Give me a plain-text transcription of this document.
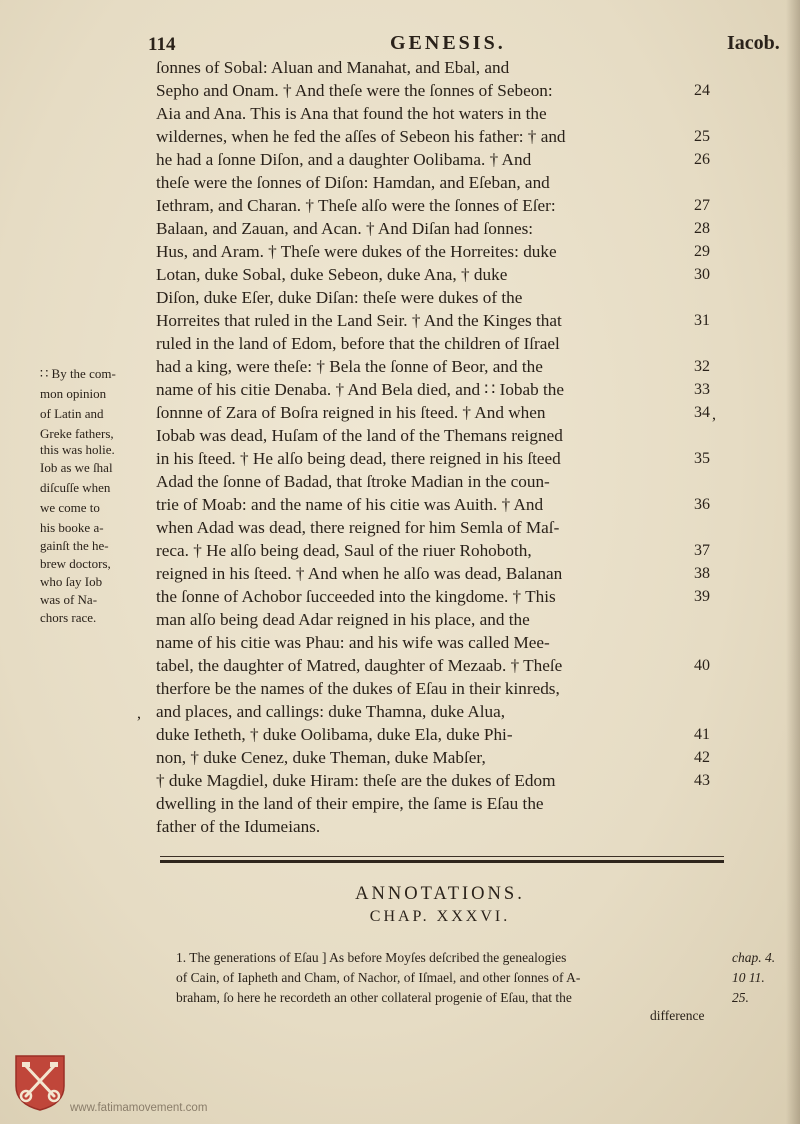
114	GENESIS.	Iacob.
ſonnes of Sobal: Aluan and Manahat, and Ebal, and
Sepho and Onam. † And theſe were the ſonnes of Sebeon:
Aia and Ana. This is Ana that found the hot waters in the
wildernes, when he fed the aſſes of Sebeon his father: † and
he had a ſonne Diſon, and a daughter Oolibama. † And
theſe were the ſonnes of Diſon: Hamdan, and Eſeban, and
Iethram, and Charan. † Theſe alſo were the ſonnes of Eſer:
Balaan, and Zauan, and Acan. † And Diſan had ſonnes:
Hus, and Aram. † Theſe were dukes of the Horreites: duke
Lotan, duke Sobal, duke Sebeon, duke Ana, † duke
Diſon, duke Eſer, duke Diſan: theſe were dukes of the
Horreites that ruled in the Land Seir. † And the Kinges that
ruled in the land of Edom, before that the children of Iſrael
had a king, were theſe: † Bela the ſonne of Beor, and the
name of his citie Denaba. † And Bela died, and ∷ Iobab the
ſonnne of Zara of Boſra reigned in his ſteed. † And when
Iobab was dead, Huſam of the land of the Themans reigned
in his ſteed. † He alſo being dead, there reigned in his ſteed
Adad the ſonne of Badad, that ſtroke Madian in the coun-
trie of Moab: and the name of his citie was Auith. † And
when Adad was dead, there reigned for him Semla of Maſ-
reca. † He alſo being dead, Saul of the riuer Rohoboth,
reigned in his ſteed. † And when he alſo was dead, Balanan
the ſonne of Achobor ſucceeded into the kingdome. † This
man alſo being dead Adar reigned in his place, and the
name of his citie was Phau: and his wife was called Mee-
tabel, the daughter of Matred, daughter of Mezaab. † Theſe
therfore be the names of the dukes of Eſau in their kinreds,
and places, and callings: duke Thamna, duke Alua,
duke Ietheth, † duke Oolibama, duke Ela, duke Phi-
non, † duke Cenez, duke Theman, duke Mabſer,
† duke Magdiel, duke Hiram: theſe are the dukes of Edom
dwelling in the land of their empire, the ſame is Eſau the
father of the Idumeians.
24
25
26
27
28
29
30
31
32
33
34
35
36
37
38
39
40
41
42
43
,
,
∷ By the com-
mon opinion
of Latin and
Greke fathers,
this was holie.
Iob as we ſhal
diſcuſſe when
we come to
his booke a-
gainſt the he-
brew doctors,
who ſay Iob
was of Na-
chors race.
ANNOTATIONS.
CHAP. XXXVI.
1. The generations of Eſau ] As before Moyſes deſcribed the genealogies	chap. 4.
of Cain, of Iapheth and Cham, of Nachor, of Iſmael, and other ſonnes of A-	10 11.
braham, ſo here he recordeth an other collateral progenie of Eſau, that the	25.
difference
www.fatimamovement.com
